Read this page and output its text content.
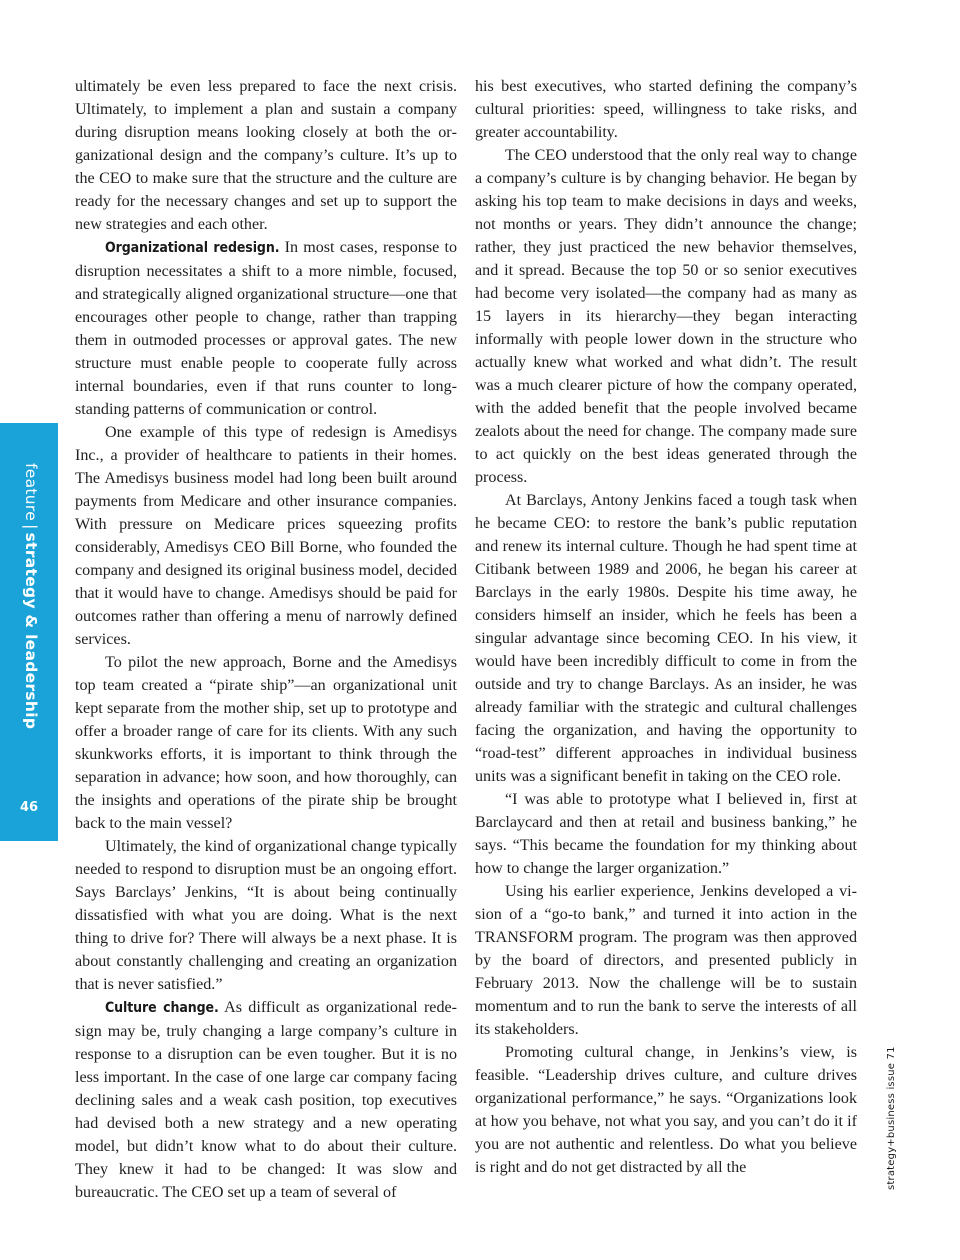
feature|strategy & leadership
46

ultimately be even less prepared to face the next crisis. Ultimately, to implement a plan and sustain a company during disruption means looking closely at both the organizational design and the company’s culture. It’s up to the CEO to make sure that the structure and the culture are ready for the necessary changes and set up to support the new strategies and each other.

Organizational redesign. In most cases, response to disruption necessitates a shift to a more nimble, focused, and strategically aligned organizational structure—one that encourages other people to change, rather than trapping them in outmoded processes or approval gates. The new structure must enable people to cooperate fully across internal boundaries, even if that runs counter to long-standing patterns of communication or control.

One example of this type of redesign is Amedisys Inc., a provider of healthcare to patients in their homes. The Amedisys business model had long been built around payments from Medicare and other insurance companies. With pressure on Medicare prices squeezing profits considerably, Amedisys CEO Bill Borne, who founded the company and designed its original business model, decided that it would have to change. Amedisys should be paid for outcomes rather than offering a menu of narrowly defined services.

To pilot the new approach, Borne and the Amedisys top team created a “pirate ship”—an organizational unit kept separate from the mother ship, set up to prototype and offer a broader range of care for its clients. With any such skunkworks efforts, it is important to think through the separation in advance; how soon, and how thoroughly, can the insights and operations of the pirate ship be brought back to the main vessel?

Ultimately, the kind of organizational change typically needed to respond to disruption must be an ongoing effort. Says Barclays’ Jenkins, “It is about being continually dissatisfied with what you are doing. What is the next thing to drive for? There will always be a next phase. It is about constantly challenging and creating an organization that is never satisfied.”

Culture change. As difficult as organizational redesign may be, truly changing a large company’s culture in response to a disruption can be even tougher. But it is no less important. In the case of one large car company facing declining sales and a weak cash position, top executives had devised both a new strategy and a new operating model, but didn’t know what to do about their culture. They knew it had to be changed: It was slow and bureaucratic. The CEO set up a team of several of

his best executives, who started defining the company’s cultural priorities: speed, willingness to take risks, and greater accountability.

The CEO understood that the only real way to change a company’s culture is by changing behavior. He began by asking his top team to make decisions in days and weeks, not months or years. They didn’t announce the change; rather, they just practiced the new behavior themselves, and it spread. Because the top 50 or so senior executives had become very isolated—the company had as many as 15 layers in its hierarchy—they began interacting informally with people lower down in the structure who actually knew what worked and what didn’t. The result was a much clearer picture of how the company operated, with the added benefit that the people involved became zealots about the need for change. The company made sure to act quickly on the best ideas generated through the process.

At Barclays, Antony Jenkins faced a tough task when he became CEO: to restore the bank’s public reputation and renew its internal culture. Though he had spent time at Citibank between 1989 and 2006, he began his career at Barclays in the early 1980s. Despite his time away, he considers himself an insider, which he feels has been a singular advantage since becoming CEO. In his view, it would have been incredibly difficult to come in from the outside and try to change Barclays. As an insider, he was already familiar with the strategic and cultural challenges facing the organization, and having the opportunity to “road-test” different approaches in individual business units was a significant benefit in taking on the CEO role.

“I was able to prototype what I believed in, first at Barclaycard and then at retail and business banking,” he says. “This became the foundation for my thinking about how to change the larger organization.”

Using his earlier experience, Jenkins developed a vision of a “go-to bank,” and turned it into action in the TRANSFORM program. The program was then approved by the board of directors, and presented publicly in February 2013. Now the challenge will be to sustain momentum and to run the bank to serve the interests of all its stakeholders.

Promoting cultural change, in Jenkins’s view, is feasible. “Leadership drives culture, and culture drives organizational performance,” he says. “Organizations look at how you behave, not what you say, and you can’t do it if you are not authentic and relentless. Do what you believe is right and do not get distracted by all the	strategy+business issue 71
